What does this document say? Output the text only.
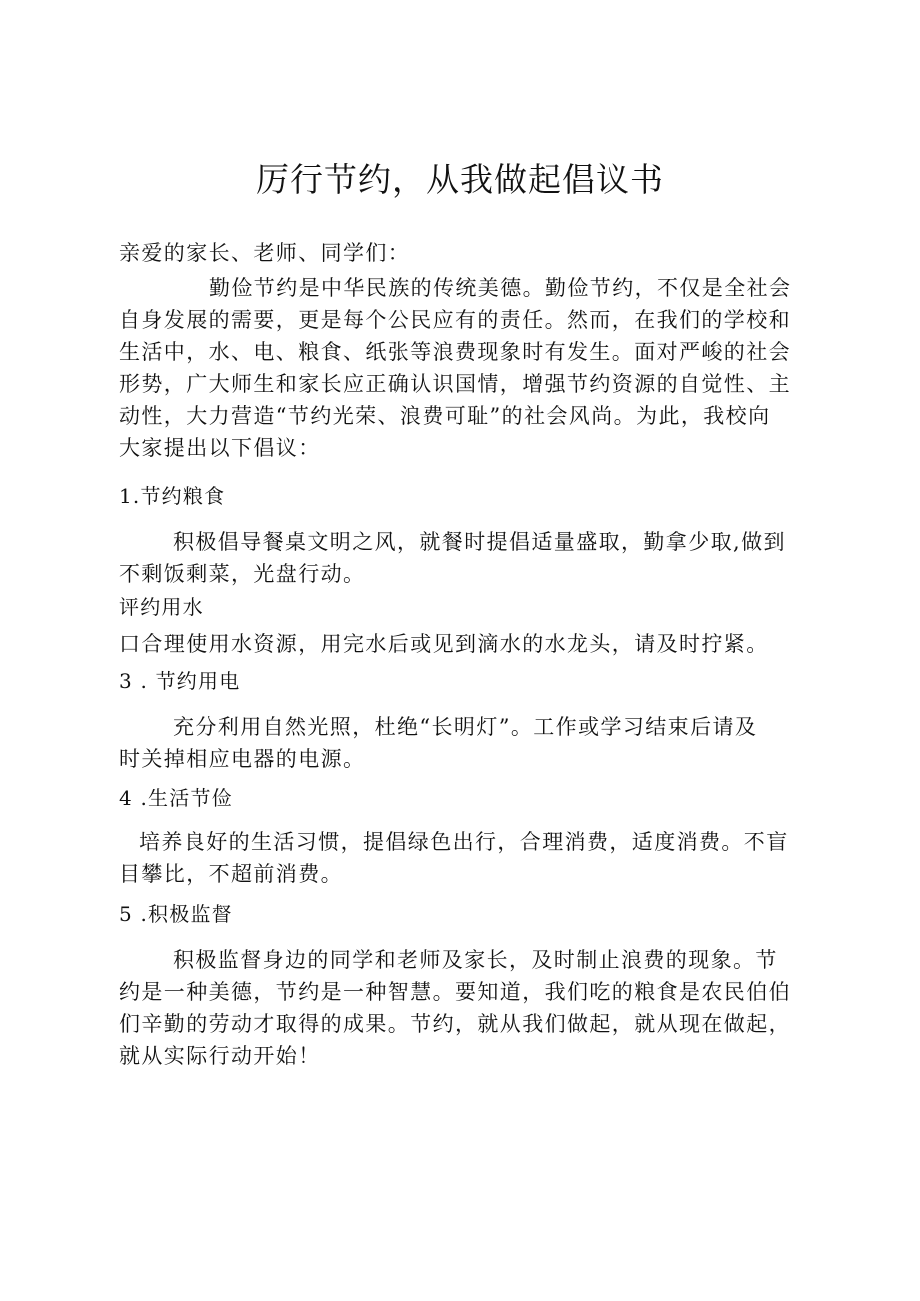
厉行节约，从我做起倡议书

亲爱的家长、老师、同学们：

勤俭节约是中华民族的传统美德。勤俭节约，不仅是全社会
自身发展的需要，更是每个公民应有的责任。然而，在我们的学校和
生活中，水、电、粮食、纸张等浪费现象时有发生。面对严峻的社会
形势，广大师生和家长应正确认识国情，增强节约资源的自觉性、主
动性，大力营造“节约光荣、浪费可耻”的社会风尚。为此，我校向
大家提出以下倡议：

1.节约粮食

积极倡导餐桌文明之风，就餐时提倡适量盛取，勤拿少取,做到
不剩饭剩菜，光盘行动。

评约用水

口合理使用水资源，用完水后或见到滴水的水龙头，请及时拧紧。

3 . 节约用电

充分利用自然光照，杜绝“长明灯”。工作或学习结束后请及
时关掉相应电器的电源。

4 .生活节俭

培养良好的生活习惯，提倡绿色出行，合理消费，适度消费。不盲
目攀比，不超前消费。

5 .积极监督

积极监督身边的同学和老师及家长，及时制止浪费的现象。节
约是一种美德，节约是一种智慧。要知道，我们吃的粮食是农民伯伯
们辛勤的劳动才取得的成果。节约，就从我们做起，就从现在做起，
就从实际行动开始！
